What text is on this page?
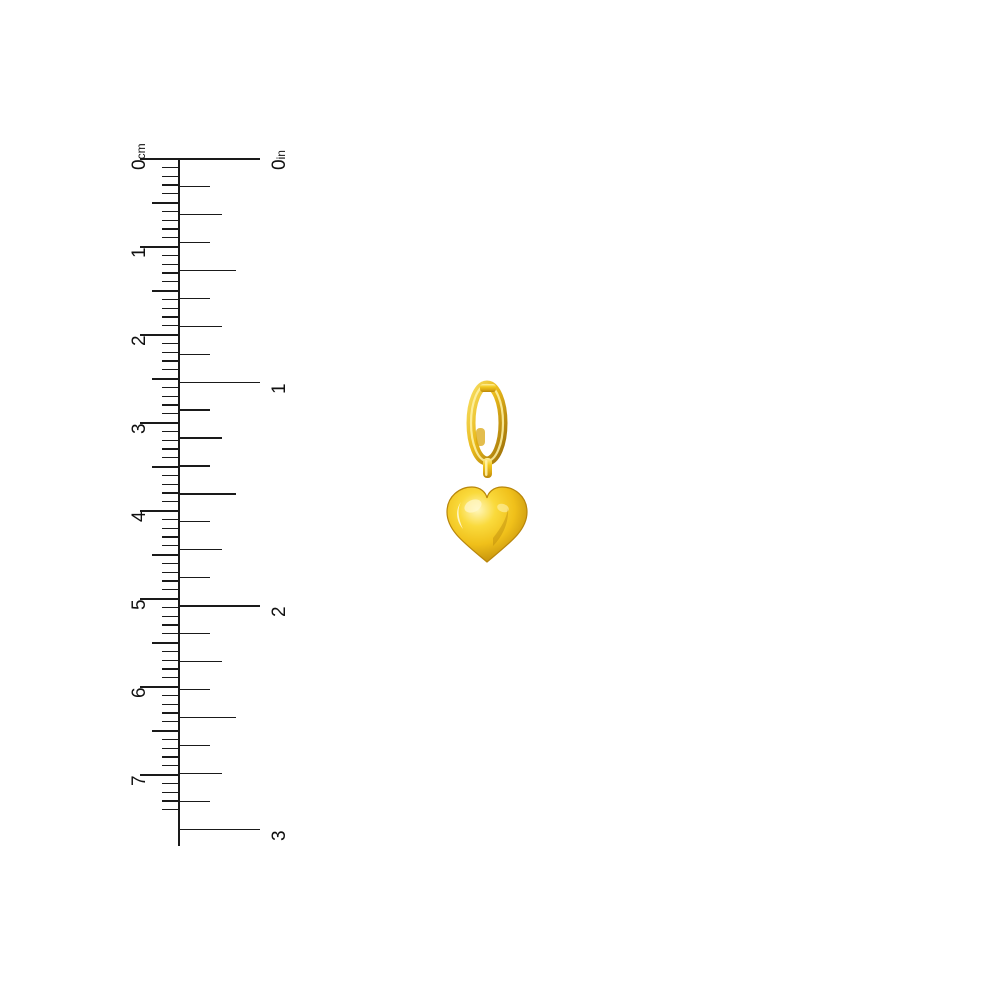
0cm
1
2
3
4
5
6
7
0in
1
2
3
